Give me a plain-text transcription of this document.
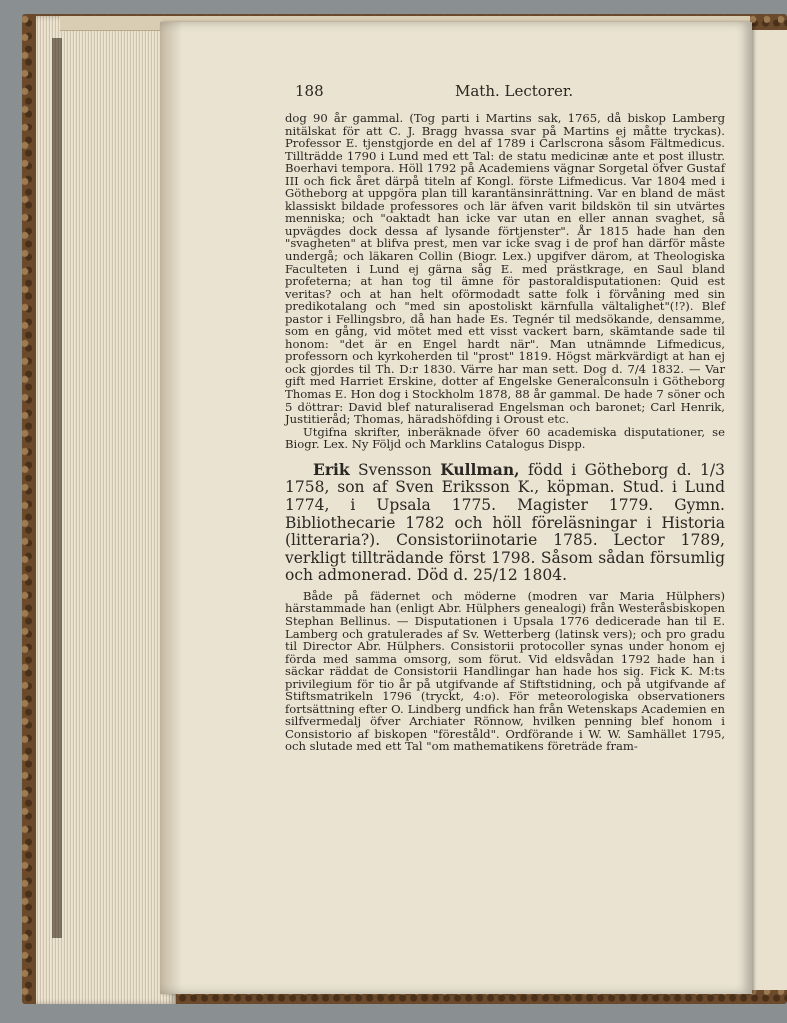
188	Math. Lectorer.

dog 90 år gammal. (Tog parti i Martins sak, 1765, då biskop Lamberg nitälskat för att C. J. Bragg hvassa svar på Martins ej måtte tryckas). Professor E. tjenstgjorde en del af 1789 i Carlscrona såsom Fältmedicus. Tillträdde 1790 i Lund med ett Tal: de statu medicinæ ante et post illustr. Boerhavi tempora. Höll 1792 på Academiens vägnar Sorgetal öfver Gustaf III och fick året därpå titeln af Kongl. förste Lifmedicus. Var 1804 med i Götheborg at uppgöra plan till karantänsinrättning. Var en bland de mäst klassiskt bildade professores och lär äfven varit bildskön til sin utvärtes menniska; och "oaktadt han icke var utan en eller annan svaghet, så upvägdes dock dessa af lysande förtjenster". År 1815 hade han den "svagheten" at blifva prest, men var icke svag i de prof han därför måste undergå; och läkaren Collin (Biogr. Lex.) upgifver därom, at Theologiska Faculteten i Lund ej gärna såg E. med prästkrage, en Saul bland profeterna; at han tog til ämne för pastoraldisputationen: Quid est veritas? och at han helt oförmodadt satte folk i förvåning med sin predikotalang och "med sin apostoliskt kärnfulla vältalighet"(!?). Blef pastor i Fellingsbro, då han hade Es. Tegnér til medsökande, densamme, som en gång, vid mötet med ett visst vackert barn, skämtande sade til honom: "det är en Engel hardt när". Man utnämnde Lifmedicus, professorn och kyrkoherden til "prost" 1819. Högst märkvärdigt at han ej ock gjordes til Th. D:r 1830. Värre har man sett. Dog d. 7/4 1832. — Var gift med Harriet Erskine, dotter af Engelske Generalconsuln i Götheborg Thomas E. Hon dog i Stockholm 1878, 88 år gammal. De hade 7 söner och 5 döttrar: David blef naturaliserad Engelsman och baronet; Carl Henrik, Justitieråd; Thomas, häradshöfding i Oroust etc.

Utgifna skrifter, inberäknade öfver 60 academiska disputationer, se Biogr. Lex. Ny Följd och Marklins Catalogus Dispp.

Erik Svensson Kullman, född i Götheborg d. 1/3 1758, son af Sven Eriksson K., köpman. Stud. i Lund 1774, i Upsala 1775. Magister 1779. Gymn. Bibliothecarie 1782 och höll föreläsningar i Historia (litteraria?). Consistoriinotarie 1785. Lector 1789, verkligt tillträdande först 1798. Såsom sådan försumlig och admonerad. Död d. 25/12 1804.

Både på fädernet och möderne (modren var Maria Hülphers) härstammade han (enligt Abr. Hülphers genealogi) från Westeråsbiskopen Stephan Bellinus. — Disputationen i Upsala 1776 dedicerade han til E. Lamberg och gratulerades af Sv. Wetterberg (latinsk vers); och pro gradu til Director Abr. Hülphers. Consistorii protocoller synas under honom ej förda med samma omsorg, som förut. Vid eldsvådan 1792 hade han i säckar räddat de Consistorii Handlingar han hade hos sig. Fick K. M:ts privilegium för tio år på utgifvande af Stiftstidning, och på utgifvande af Stiftsmatrikeln 1796 (tryckt, 4:o). För meteorologiska observationers fortsättning efter O. Lindberg undfick han från Wetenskaps Academien en silfvermedalj öfver Archiater Rönnow, hvilken penning blef honom i Consistorio af biskopen "föreståld". Ordförande i W. W. Samhället 1795, och slutade med ett Tal "om mathematikens företräde fram-
